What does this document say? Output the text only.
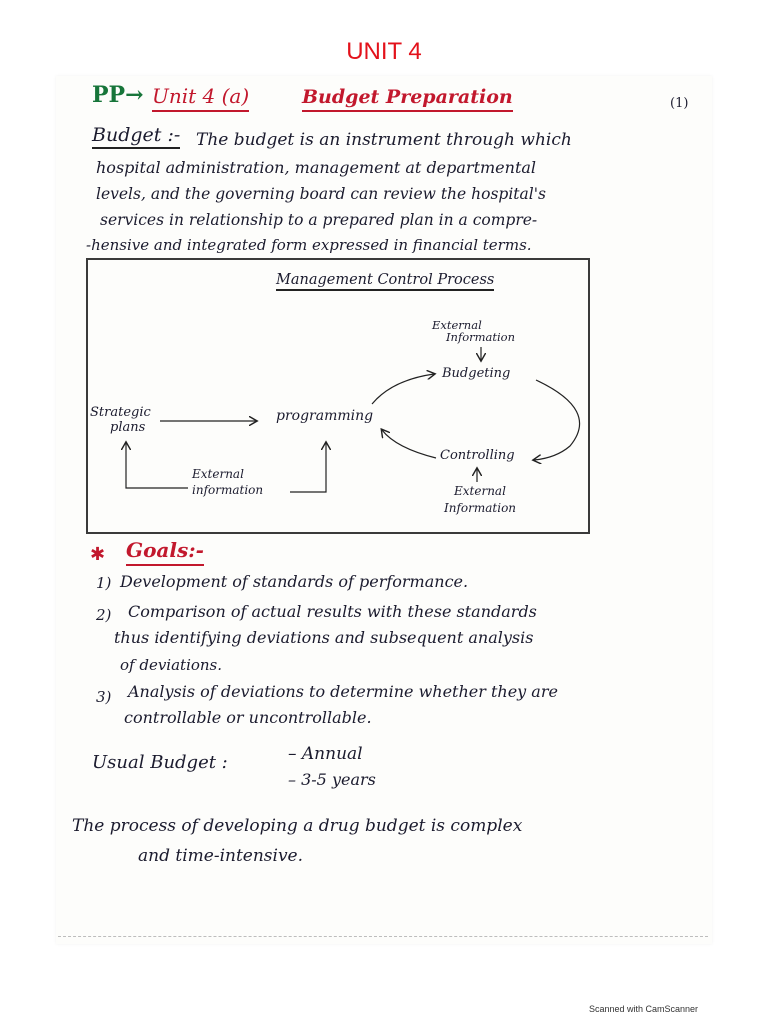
UNIT 4
PP→ Unit 4 (a)	Budget Preparation	(1)
Budget :- The budget is an instrument through which
hospital administration, management at departmental
levels, and the governing board can review the hospital's
services in relationship to a prepared plan in a compre-
-hensive and integrated form expressed in financial terms.
Management Control Process
External
Information
Budgeting
Strategic
plans
programming
Controlling
External
information	External
Information
✱ Goals:-
1) Development of standards of performance.
2) Comparison of actual results with these standards
thus identifying deviations and subsequent analysis
of deviations.
3) Analysis of deviations to determine whether they are
controllable or uncontrollable.
Usual Budget :	– Annual
– 3-5 years
The process of developing a drug budget is complex
and time-intensive.
Scanned with CamScanner
